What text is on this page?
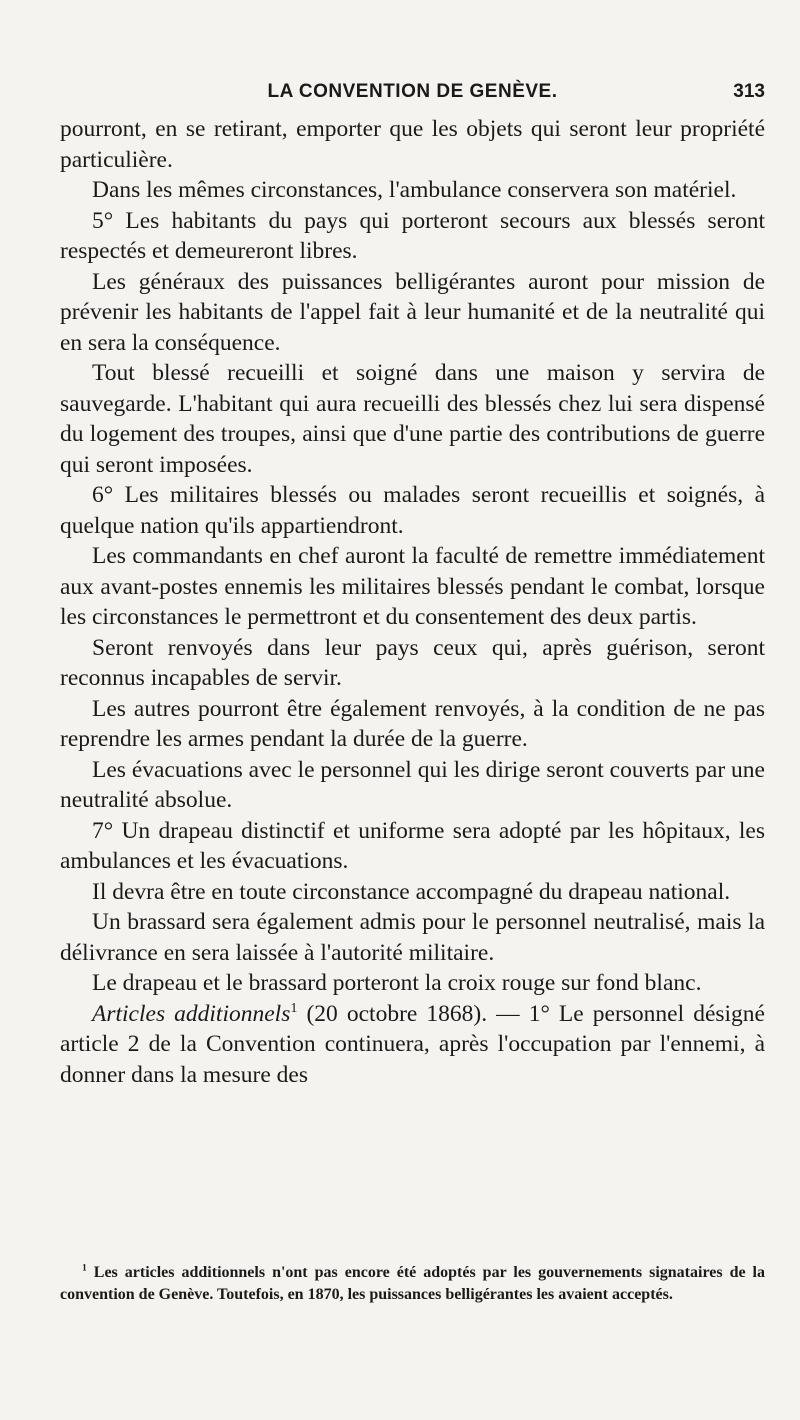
LA CONVENTION DE GENÈVE.	313

pourront, en se retirant, emporter que les objets qui seront leur propriété particulière.

Dans les mêmes circonstances, l'ambulance conservera son matériel.

5° Les habitants du pays qui porteront secours aux blessés seront respectés et demeureront libres.

Les généraux des puissances belligérantes auront pour mission de prévenir les habitants de l'appel fait à leur humanité et de la neutralité qui en sera la conséquence.

Tout blessé recueilli et soigné dans une maison y servira de sauvegarde. L'habitant qui aura recueilli des blessés chez lui sera dispensé du logement des troupes, ainsi que d'une partie des contributions de guerre qui seront imposées.

6° Les militaires blessés ou malades seront recueillis et soignés, à quelque nation qu'ils appartiendront.

Les commandants en chef auront la faculté de remettre immédiatement aux avant-postes ennemis les militaires blessés pendant le combat, lorsque les circonstances le permettront et du consentement des deux partis.

Seront renvoyés dans leur pays ceux qui, après guérison, seront reconnus incapables de servir.

Les autres pourront être également renvoyés, à la condition de ne pas reprendre les armes pendant la durée de la guerre.

Les évacuations avec le personnel qui les dirige seront couverts par une neutralité absolue.

7° Un drapeau distinctif et uniforme sera adopté par les hôpitaux, les ambulances et les évacuations.

Il devra être en toute circonstance accompagné du drapeau national.

Un brassard sera également admis pour le personnel neutralisé, mais la délivrance en sera laissée à l'autorité militaire.

Le drapeau et le brassard porteront la croix rouge sur fond blanc.

Articles additionnels$^1$ (20 octobre 1868). — 1° Le personnel désigné article 2 de la Convention continuera, après l'occupation par l'ennemi, à donner dans la mesure des

$^1$ Les articles additionnels n'ont pas encore été adoptés par les gouvernements signataires de la convention de Genève. Toutefois, en 1870, les puissances belligérantes les avaient acceptés.
